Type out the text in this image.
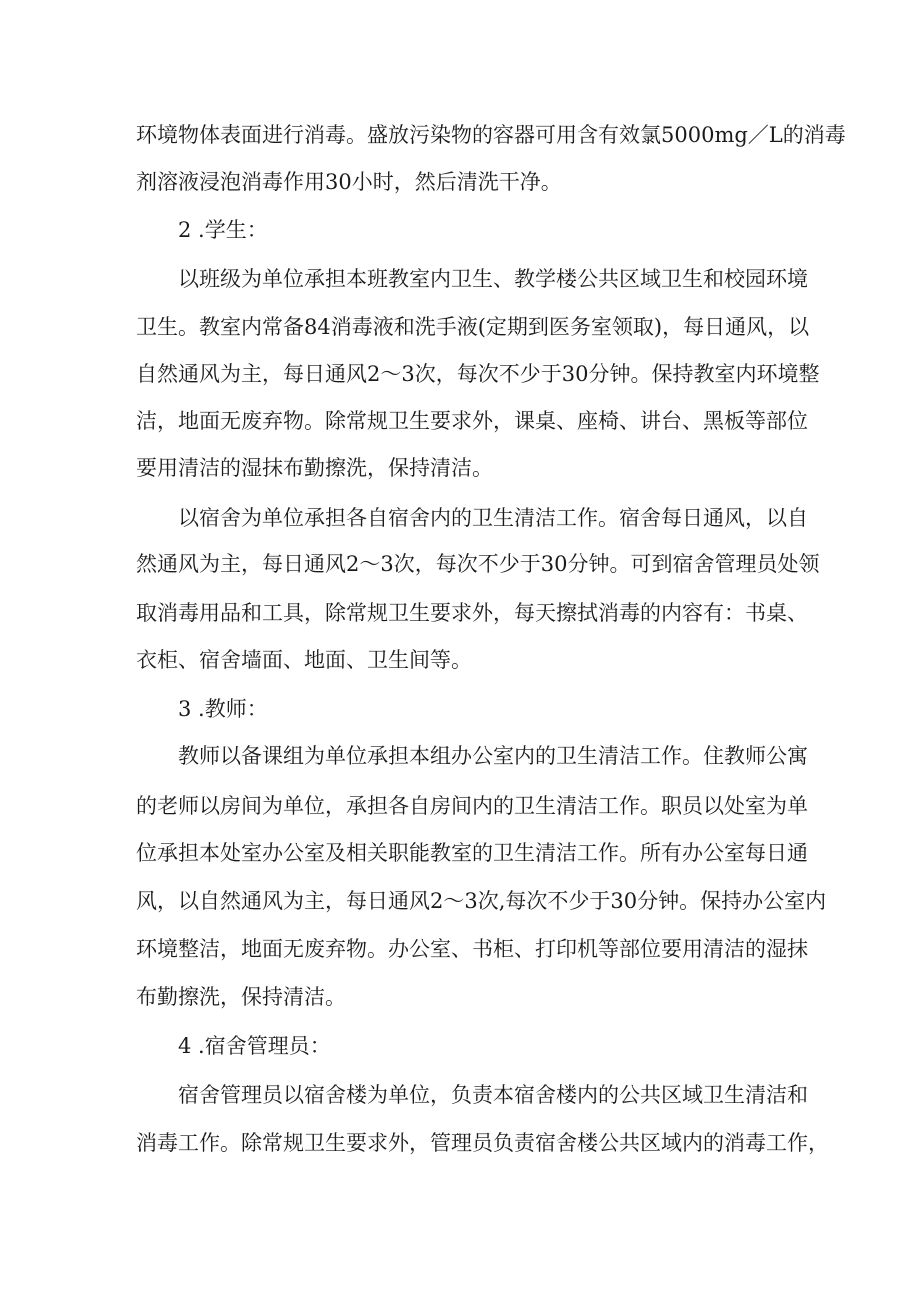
环境物体表面进行消毒。盛放污染物的容器可用含有效氯5000mg／L的消毒
剂溶液浸泡消毒作用30小时，然后清洗干净。
2 .学生：
以班级为单位承担本班教室内卫生、教学楼公共区域卫生和校园环境
卫生。教室内常备84消毒液和洗手液(定期到医务室领取)，每日通风，以
自然通风为主，每日通风2～3次，每次不少于30分钟。保持教室内环境整
洁，地面无废弃物。除常规卫生要求外，课桌、座椅、讲台、黑板等部位
要用清洁的湿抹布勤擦洗，保持清洁。
以宿舍为单位承担各自宿舍内的卫生清洁工作。宿舍每日通风，以自
然通风为主，每日通风2～3次，每次不少于30分钟。可到宿舍管理员处领
取消毒用品和工具，除常规卫生要求外，每天擦拭消毒的内容有：书桌、
衣柜、宿舍墙面、地面、卫生间等。
3 .教师：
教师以备课组为单位承担本组办公室内的卫生清洁工作。住教师公寓
的老师以房间为单位，承担各自房间内的卫生清洁工作。职员以处室为单
位承担本处室办公室及相关职能教室的卫生清洁工作。所有办公室每日通
风，以自然通风为主，每日通风2～3次,每次不少于30分钟。保持办公室内
环境整洁，地面无废弃物。办公室、书柜、打印机等部位要用清洁的湿抹
布勤擦洗，保持清洁。
4 .宿舍管理员：
宿舍管理员以宿舍楼为单位，负责本宿舍楼内的公共区域卫生清洁和
消毒工作。除常规卫生要求外，管理员负责宿舍楼公共区域内的消毒工作，
